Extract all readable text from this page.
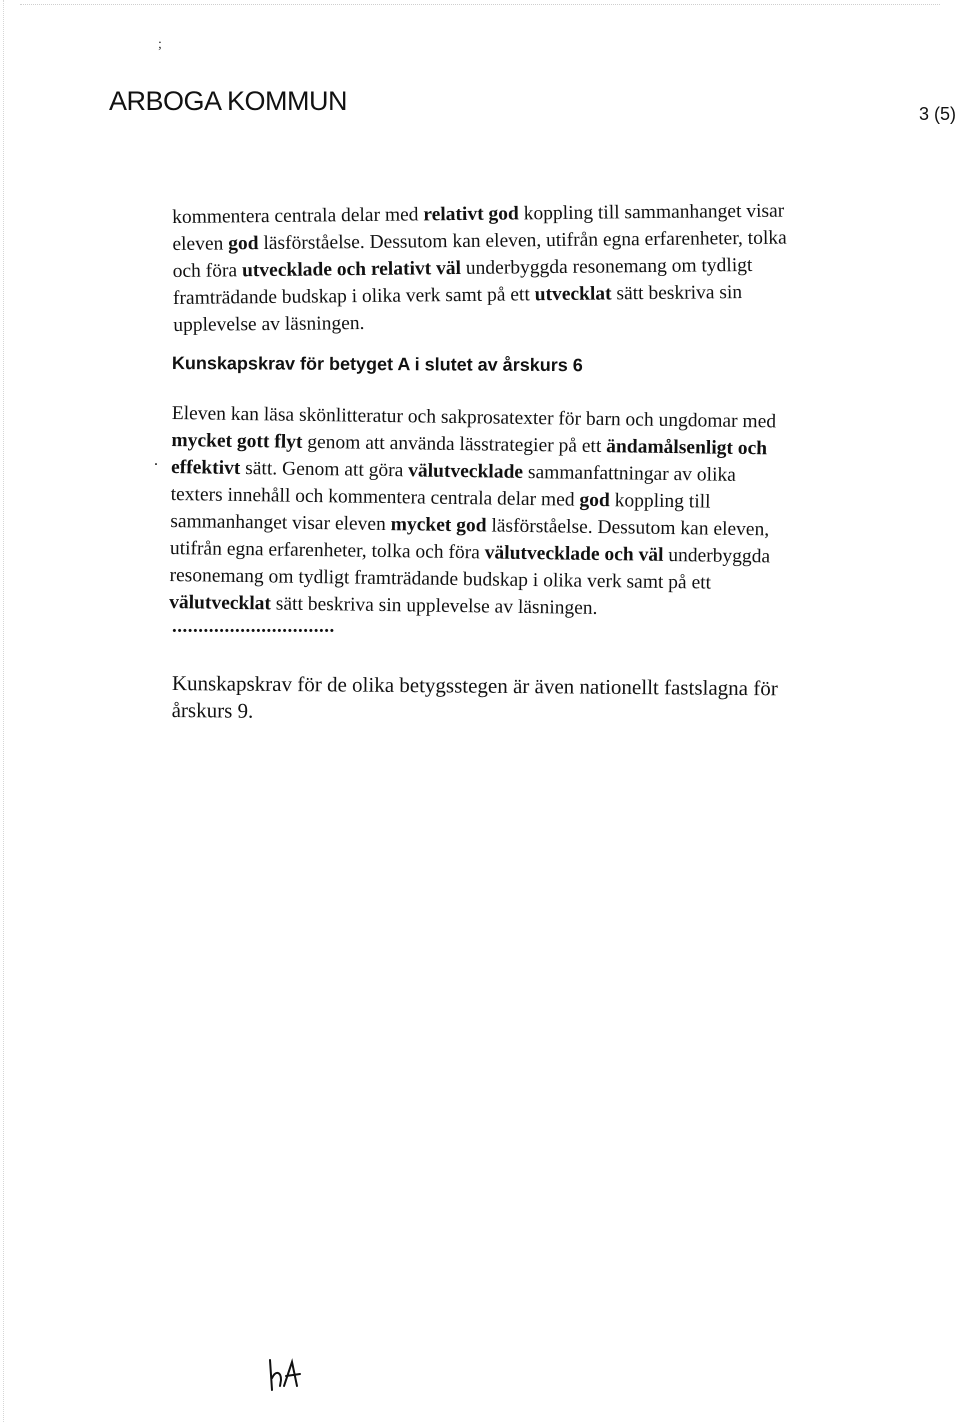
;
ARBOGA KOMMUN	3 (5)
kommentera centrala delar med relativt god koppling till sammanhanget visar
eleven god läsförståelse. Dessutom kan eleven, utifrån egna erfarenheter, tolka
och föra utvecklade och relativt väl underbyggda resonemang om tydligt
framträdande budskap i olika verk samt på ett utvecklat sätt beskriva sin
upplevelse av läsningen.
Kunskapskrav för betyget A i slutet av årskurs 6
.
Eleven kan läsa skönlitteratur och sakprosatexter för barn och ungdomar med
mycket gott flyt genom att använda lässtrategier på ett ändamålsenligt och
effektivt sätt. Genom att göra välutvecklade sammanfattningar av olika
texters innehåll och kommentera centrala delar med god koppling till
sammanhanget visar eleven mycket god läsförståelse. Dessutom kan eleven,
utifrån egna erfarenheter, tolka och föra välutvecklade och väl underbyggda
resonemang om tydligt framträdande budskap i olika verk samt på ett
välutvecklat sätt beskriva sin upplevelse av läsningen.
...............................
Kunskapskrav för de olika betygsstegen är även nationellt fastslagna för
årskurs 9.
